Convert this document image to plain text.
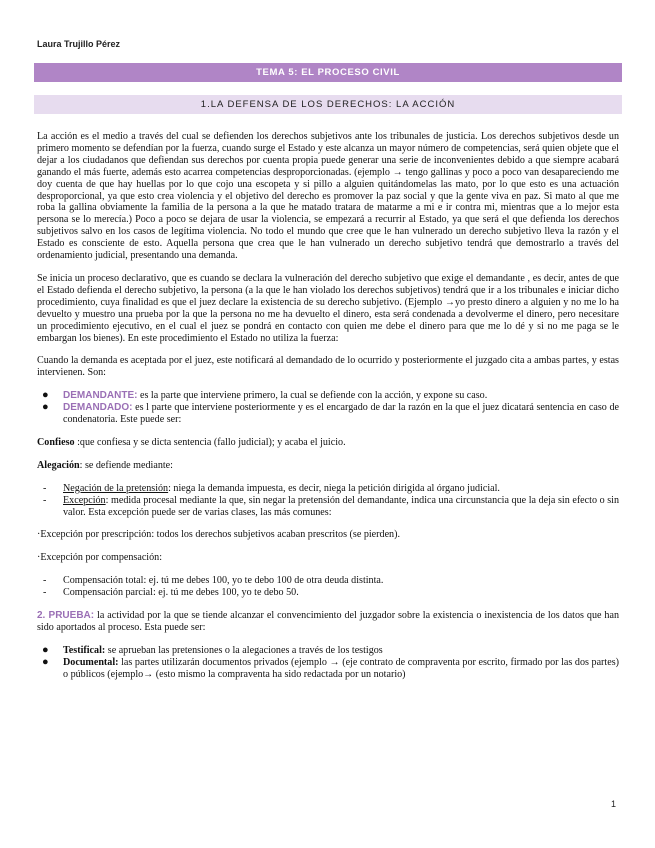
Laura Trujillo Pérez
TEMA 5: EL PROCESO CIVIL
1.LA DEFENSA DE LOS DERECHOS: LA ACCIÓN

La acción es el medio a través del cual se defienden los derechos subjetivos ante los tribunales de justicia. Los derechos subjetivos desde un primero momento se defendían por la fuerza, cuando surge el Estado y este alcanza un mayor número de competencias, será quien objete que el dejar a los ciudadanos que defiendan sus derechos por cuenta propia puede generar una serie de inconvenientes debido a que siempre acabará ganando el más fuerte, además esto acarrea competencias desproporcionadas. (ejemplo → tengo gallinas y poco a poco van desapareciendo me doy cuenta de que hay huellas por lo que cojo una escopeta y si pillo a alguien quitándomelas las mato, por lo que esto es una actuación desproporcional, ya que esto crea violencia y el objetivo del derecho es promover la paz social y que la gente viva en paz. Si mato al que me roba la gallina obviamente la familia de la persona a la que he matado tratara de matarme a mi e ir contra mi, mientras que a lo mejor esta persona se lo merecía.) Poco a poco se dejara de usar la violencia, se empezará a recurrir al Estado, ya que será el que defienda los derechos subjetivos salvo en los casos de legítima violencia. No todo el mundo que cree que le han vulnerado un derecho subjetivo lleva la razón y el Estado es consciente de esto. Aquella persona que crea que le han vulnerado un derecho subjetivo tendrá que demostrarlo a través del ordenamiento judicial, presentando una demanda.

Se inicia un proceso declarativo, que es cuando se declara la vulneración del derecho subjetivo que exige el demandante , es decir, antes de que el Estado defienda el derecho subjetivo, la persona (a la que le han violado los derechos subjetivos) tendrá que ir a los tribunales e iniciar dicho procedimiento, cuya finalidad es que el juez declare la existencia de su derecho subjetivo. (Ejemplo →yo presto dinero a alguien y no me lo ha devuelto y muestro una prueba por la que la persona no me ha devuelto el dinero, esta será condenada a devolverme el dinero, pero necesitare un procedimiento ejecutivo, en el cual el juez se pondrá en contacto con quien me debe el dinero para que me lo dé y si no me paga se le embargan los bienes). En este procedimiento el Estado no utiliza la fuerza:

Cuando la demanda es aceptada por el juez, este notificará al demandado de lo ocurrido y posteriormente el juzgado cita a ambas partes, y estas intervienen. Son:

● DEMANDANTE: es la parte que interviene primero, la cual se defiende con la acción, y expone su caso.
● DEMANDADO: es l parte que interviene posteriormente y es el encargado de dar la razón en la que el juez dicatará sentencia en caso de condenatoria. Este puede ser:

Confieso :que confiesa y se dicta sentencia (fallo judicial); y acaba el juicio.

Alegación: se defiende mediante:

- Negación de la pretensión: niega la demanda impuesta, es decir, niega la petición dirigida al órgano judicial.
- Excepción: medida procesal mediante la que, sin negar la pretensión del demandante, indica una circunstancia que la deja sin efecto o sin valor. Esta excepción puede ser de varias clases, las más comunes:

·Excepción por prescripción: todos los derechos subjetivos acaban prescritos (se pierden).

·Excepción por compensación:

- Compensación total: ej. tú me debes 100, yo te debo 100 de otra deuda distinta.
- Compensación parcial: ej. tú me debes 100, yo te debo 50.

2. PRUEBA: la actividad por la que se tiende alcanzar el convencimiento del juzgador sobre la existencia o inexistencia de los datos que han sido aportados al proceso. Esta puede ser:

● Testifical: se aprueban las pretensiones o la alegaciones a través de los testigos
● Documental: las partes utilizarán documentos privados (ejemplo → (eje contrato de compraventa por escrito, firmado por las dos partes) o públicos (ejemplo→ (esto mismo la compraventa ha sido redactada por un notario)
1
